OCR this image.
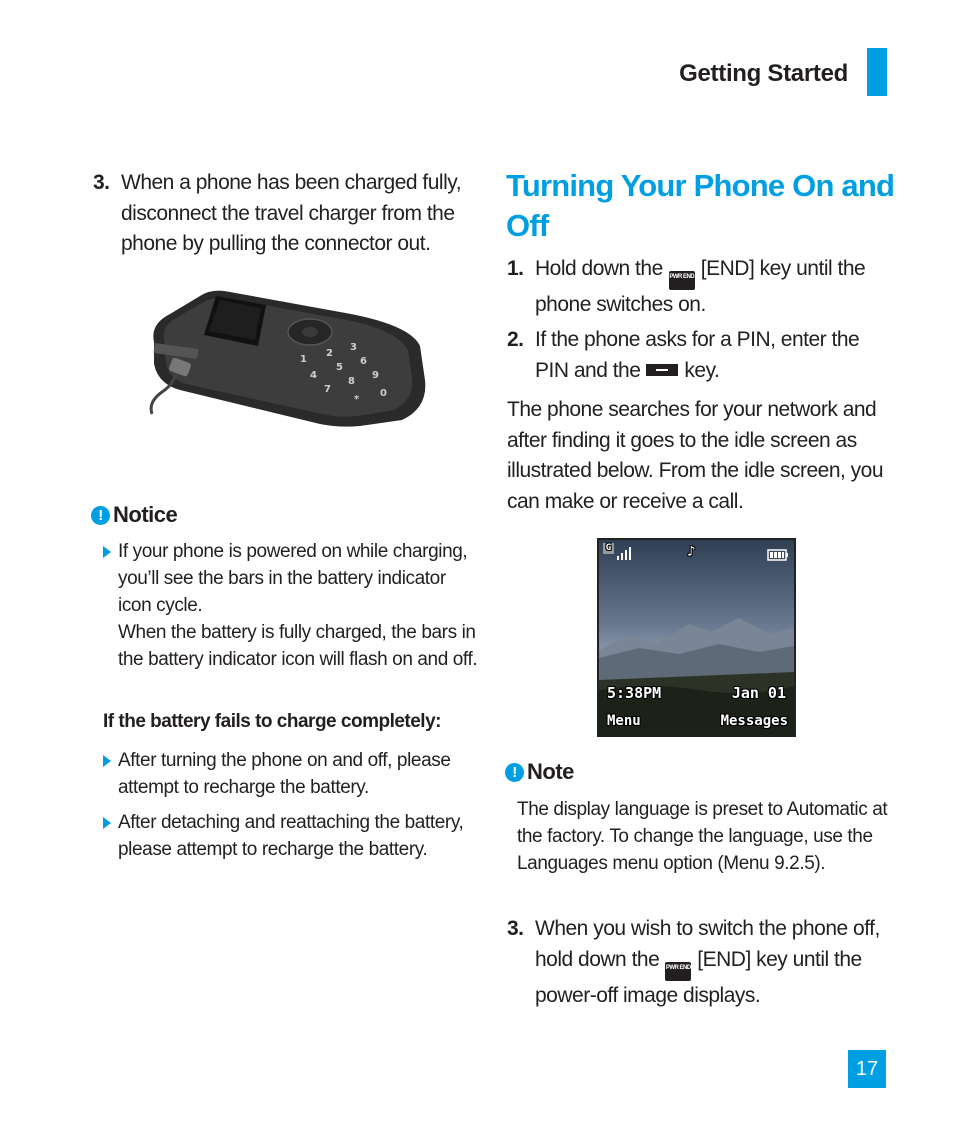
Getting Started
3. When a phone has been charged fully, disconnect the travel charger from the phone by pulling the connector out.
1
2
3
4
5
6
7
8
9
0
*
! Notice
If your phone is powered on while charging, you’ll see the bars in the battery indicator icon cycle.
When the battery is fully charged, the bars in the battery indicator icon will flash on and off.
If the battery fails to charge completely:
After turning the phone on and off, please attempt to recharge the battery.
After detaching and reattaching the battery, please attempt to recharge the battery.
Turning Your Phone On and Off
1. Hold down the PWR END [END] key until the phone switches on.
2. If the phone asks for a PIN, enter the PIN and the key.
The phone searches for your network and after finding it goes to the idle screen as illustrated below. From the idle screen, you can make or receive a call.
G	♪
5:38PM	Jan 01
Menu	Messages
! Note
The display language is preset to Automatic at the factory. To change the language, use the Languages menu option (Menu 9.2.5).
3. When you wish to switch the phone off, hold down the PWR END [END] key until the power-off image displays.
17
